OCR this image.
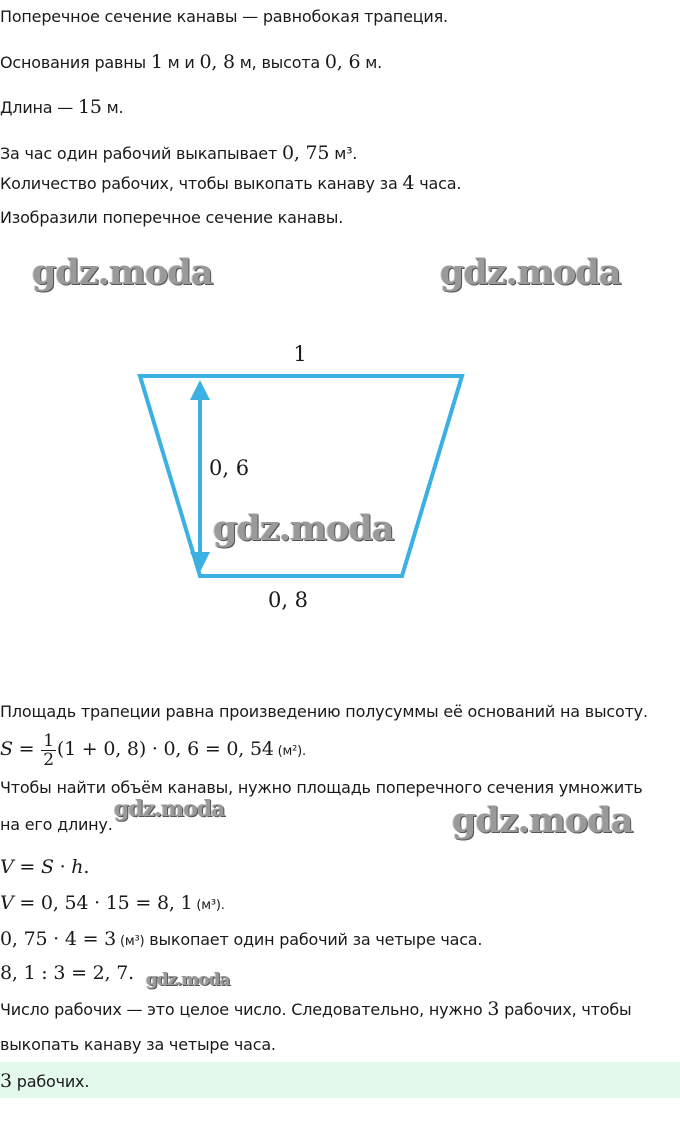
Поперечное сечение канавы — равнобокая трапеция.
Основания равны 1 м и 0, 8 м, высота 0, 6 м.
Длина — 15 м.
За час один рабочий выкапывает 0, 75 м³.
Количество рабочих, чтобы выкопать канаву за 4 часа.
Изобразили поперечное сечение канавы.
gdz.moda	gdz.moda
1
0, 6
0, 8
gdz.moda
Площадь трапеции равна произведению полусуммы её оснований на высоту.
$S = \frac{1}{2} (1 + 0$, 8) · 0, 6 = 0, 54 (м²).
Чтобы найти объём канавы, нужно площадь поперечного сечения умножить
на его длину.
gdz.moda	gdz.moda
V = S · h.
V = 0, 54 · 15 = 8, 1 (м³).
0, 75 · 4 = 3 (м³) выкопает один рабочий за четыре часа.
8, 1 : 3 = 2, 7. gdz.moda
Число рабочих — это целое число. Следовательно, нужно 3 рабочих, чтобы
выкопать канаву за четыре часа.
3 рабочих.
